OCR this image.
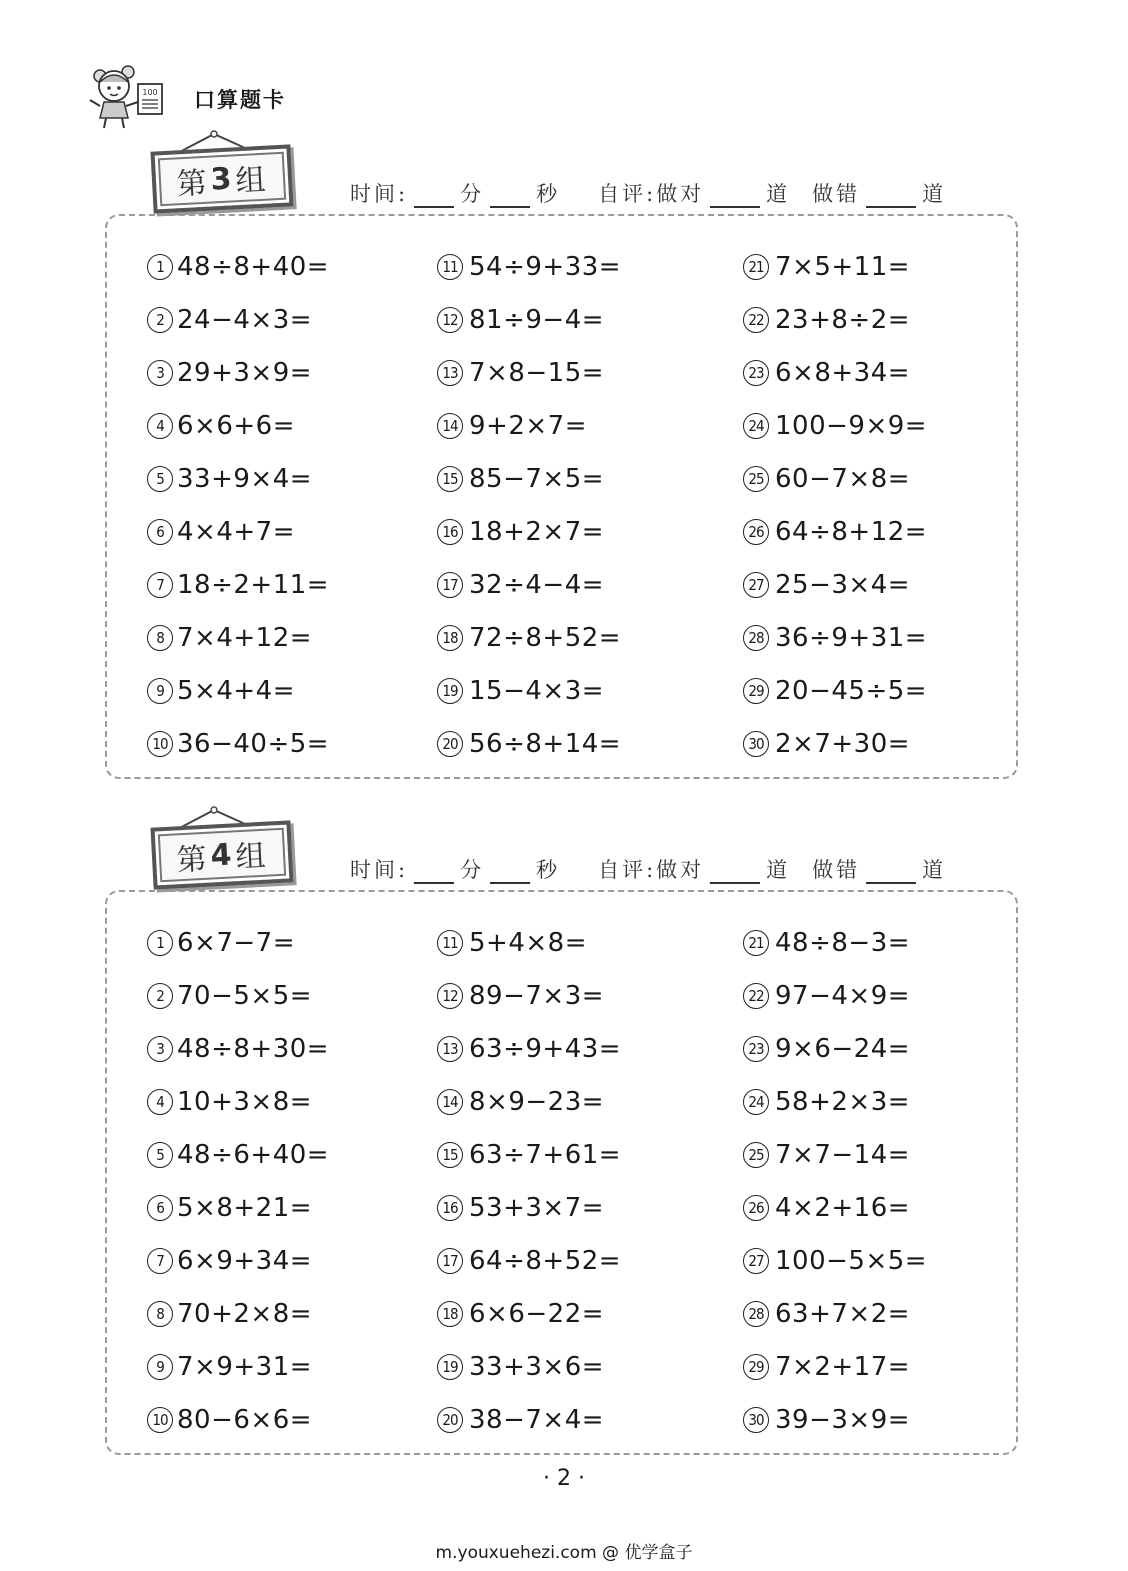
100 口算题卡
第 3 组	时间: 分 秒 自评:做对	道 做错	道
1 48÷8+40=
2 24−4×3=
3 29+3×9=
4 6×6+6=
5 33+9×4=
6 4×4+7=
7 18÷2+11=
8 7×4+12=
9 5×4+4=
10 36−40÷5=
11 54÷9+33=
12 81÷9−4=
13 7×8−15=
14 9+2×7=
15 85−7×5=
16 18+2×7=
17 32÷4−4=
18 72÷8+52=
19 15−4×3=
20 56÷8+14=
21 7×5+11=
22 23+8÷2=
23 6×8+34=
24 100−9×9=
25 60−7×8=
26 64÷8+12=
27 25−3×4=
28 36÷9+31=
29 20−45÷5=
30 2×7+30=
第 4 组	时间: 分 秒 自评:做对	道 做错	道
1 6×7−7=
2 70−5×5=
3 48÷8+30=
4 10+3×8=
5 48÷6+40=
6 5×8+21=
7 6×9+34=
8 70+2×8=
9 7×9+31=
10 80−6×6=
11 5+4×8=
12 89−7×3=
13 63÷9+43=
14 8×9−23=
15 63÷7+61=
16 53+3×7=
17 64÷8+52=
18 6×6−22=
19 33+3×6=
20 38−7×4=
21 48÷8−3=
22 97−4×9=
23 9×6−24=
24 58+2×3=
25 7×7−14=
26 4×2+16=
27 100−5×5=
28 63+7×2=
29 7×2+17=
30 39−3×9=
· 2 ·
m.youxuehezi.com @ 优学盒子
